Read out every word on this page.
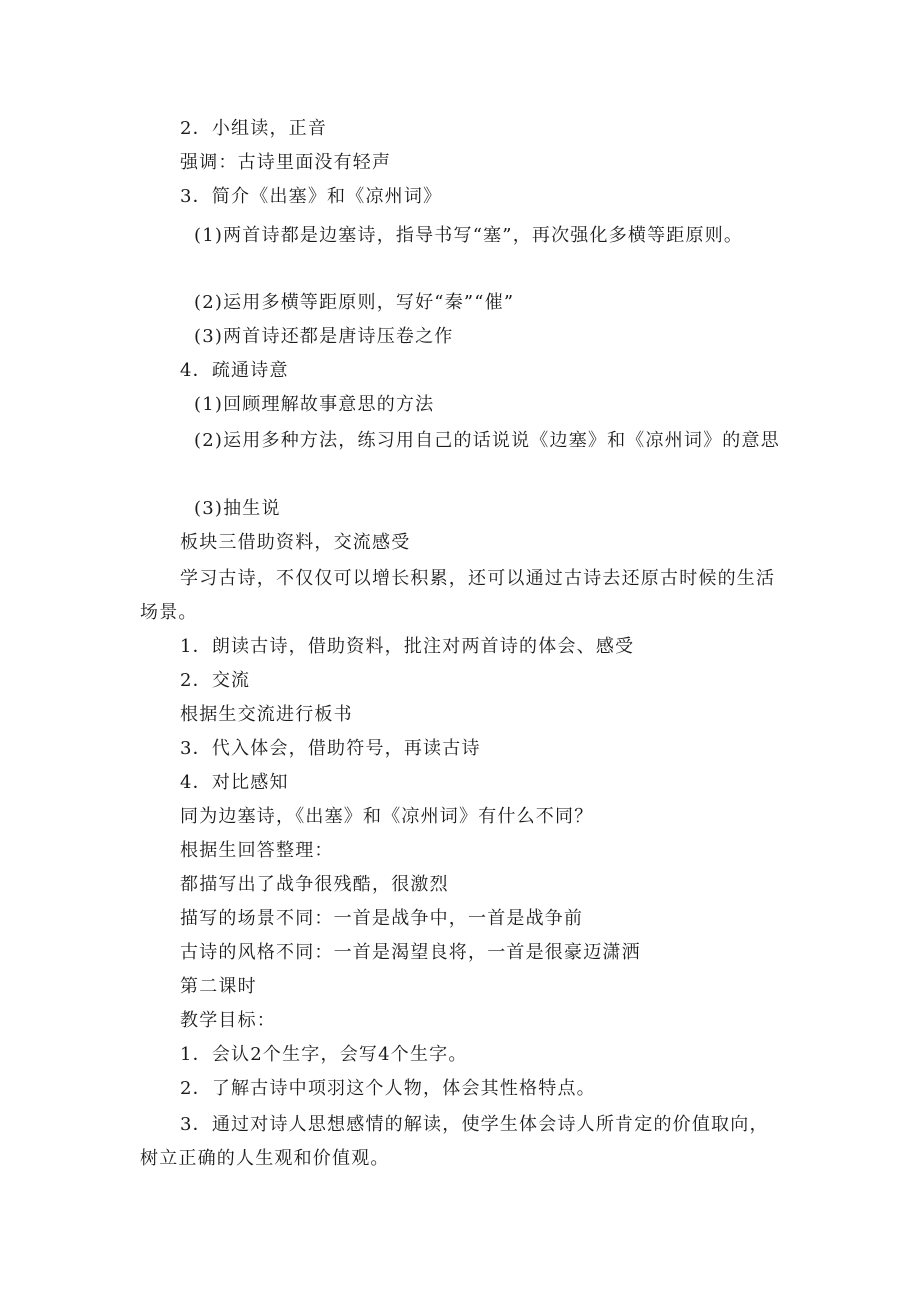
2．小组读，正音
强调：古诗里面没有轻声
3．简介《出塞》和《凉州词》
(1)两首诗都是边塞诗，指导书写“塞”，再次强化多横等距原则。
(2)运用多横等距原则，写好“秦”“催”
(3)两首诗还都是唐诗压卷之作
4．疏通诗意
(1)回顾理解故事意思的方法
(2)运用多种方法，练习用自己的话说说《边塞》和《凉州词》的意思
(3)抽生说
板块三借助资料，交流感受
学习古诗，不仅仅可以增长积累，还可以通过古诗去还原古时候的生活场景。
1．朗读古诗，借助资料，批注对两首诗的体会、感受
2．交流
根据生交流进行板书
3．代入体会，借助符号，再读古诗
4．对比感知
同为边塞诗，《出塞》和《凉州词》有什么不同？
根据生回答整理：
都描写出了战争很残酷，很激烈
描写的场景不同：一首是战争中，一首是战争前
古诗的风格不同：一首是渴望良将，一首是很豪迈潇洒
第二课时
教学目标：
1．会认2个生字，会写4个生字。
2．了解古诗中项羽这个人物，体会其性格特点。
3．通过对诗人思想感情的解读，使学生体会诗人所肯定的价值取向，树立正确的人生观和价值观。
